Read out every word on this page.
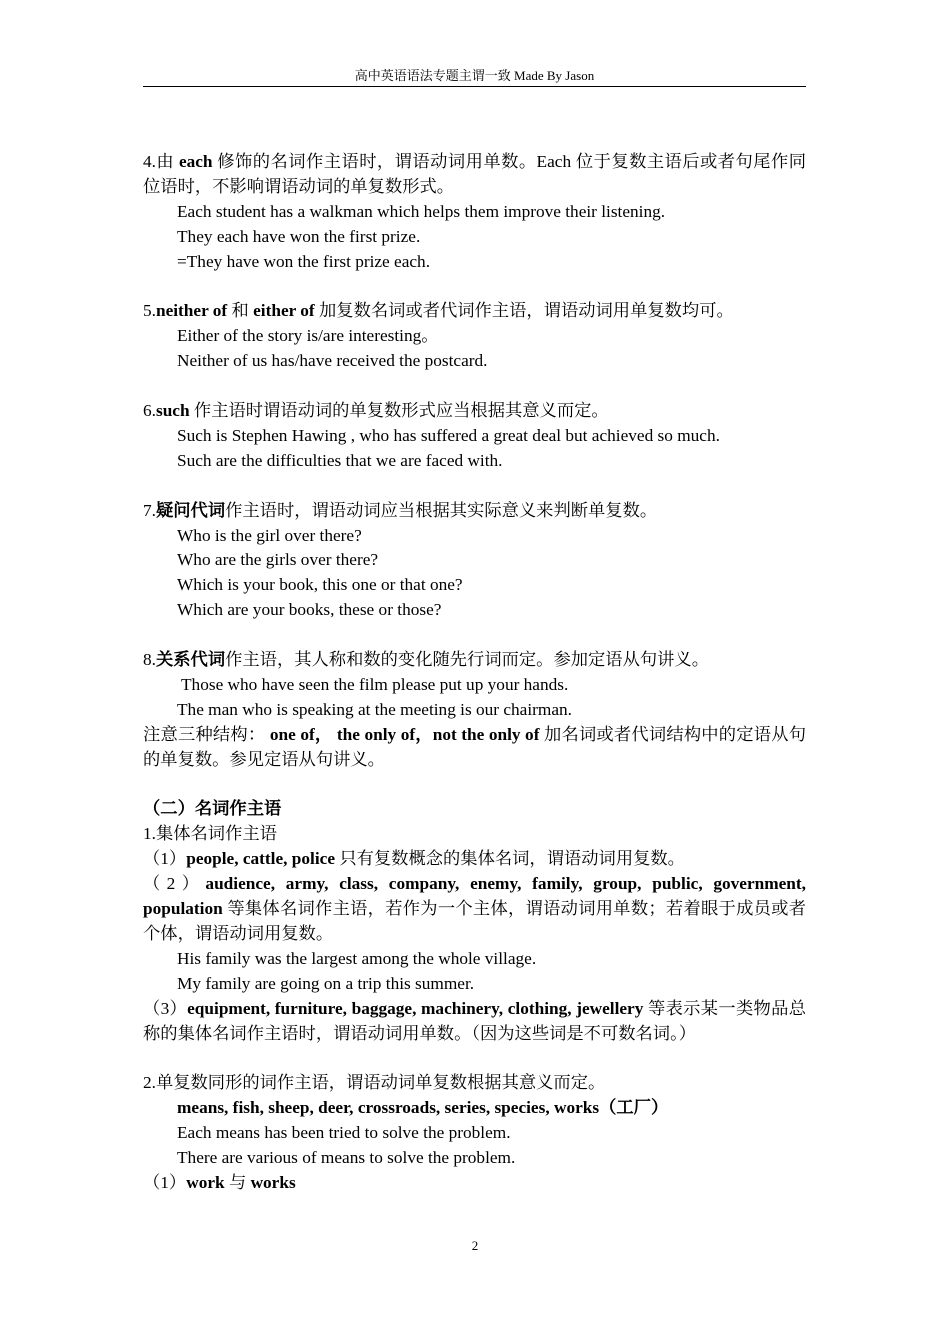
高中英语语法专题主谓一致 Made By Jason

4.由 each 修饰的名词作主语时，谓语动词用单数。Each 位于复数主语后或者句尾作同位语时，不影响谓语动词的单复数形式。

Each student has a walkman which helps them improve their listening.

They each have won the first prize.

=They have won the first prize each.

5.neither of 和 either of 加复数名词或者代词作主语，谓语动词用单复数均可。

Either of the story is/are interesting。

Neither of us has/have received the postcard.

6.such 作主语时谓语动词的单复数形式应当根据其意义而定。

Such is Stephen Hawing , who has suffered a great deal but achieved so much.

Such are the difficulties that we are faced with.

7.疑问代词作主语时，谓语动词应当根据其实际意义来判断单复数。

Who is the girl over there?

Who are the girls over there?

Which is your book, this one or that one?

Which are your books, these or those?

8.关系代词作主语，其人称和数的变化随先行词而定。参加定语从句讲义。

Those who have seen the film please put up your hands.

The man who is speaking at the meeting is our chairman.

注意三种结构： one of， the only of，not the only of 加名词或者代词结构中的定语从句的单复数。参见定语从句讲义。

（二）名词作主语

1.集体名词作主语

（1）people, cattle, police 只有复数概念的集体名词，谓语动词用复数。

（2）audience, army, class, company, enemy, family, group, public, government, population 等集体名词作主语，若作为一个主体，谓语动词用单数；若着眼于成员或者个体，谓语动词用复数。

His family was the largest among the whole village.

My family are going on a trip this summer.

（3）equipment, furniture, baggage, machinery, clothing, jewellery 等表示某一类物品总称的集体名词作主语时，谓语动词用单数。（因为这些词是不可数名词。）

2.单复数同形的词作主语，谓语动词单复数根据其意义而定。

means, fish, sheep, deer, crossroads, series, species, works（工厂）

Each means has been tried to solve the problem.

There are various of means to solve the problem.

（1）work 与 works

2
